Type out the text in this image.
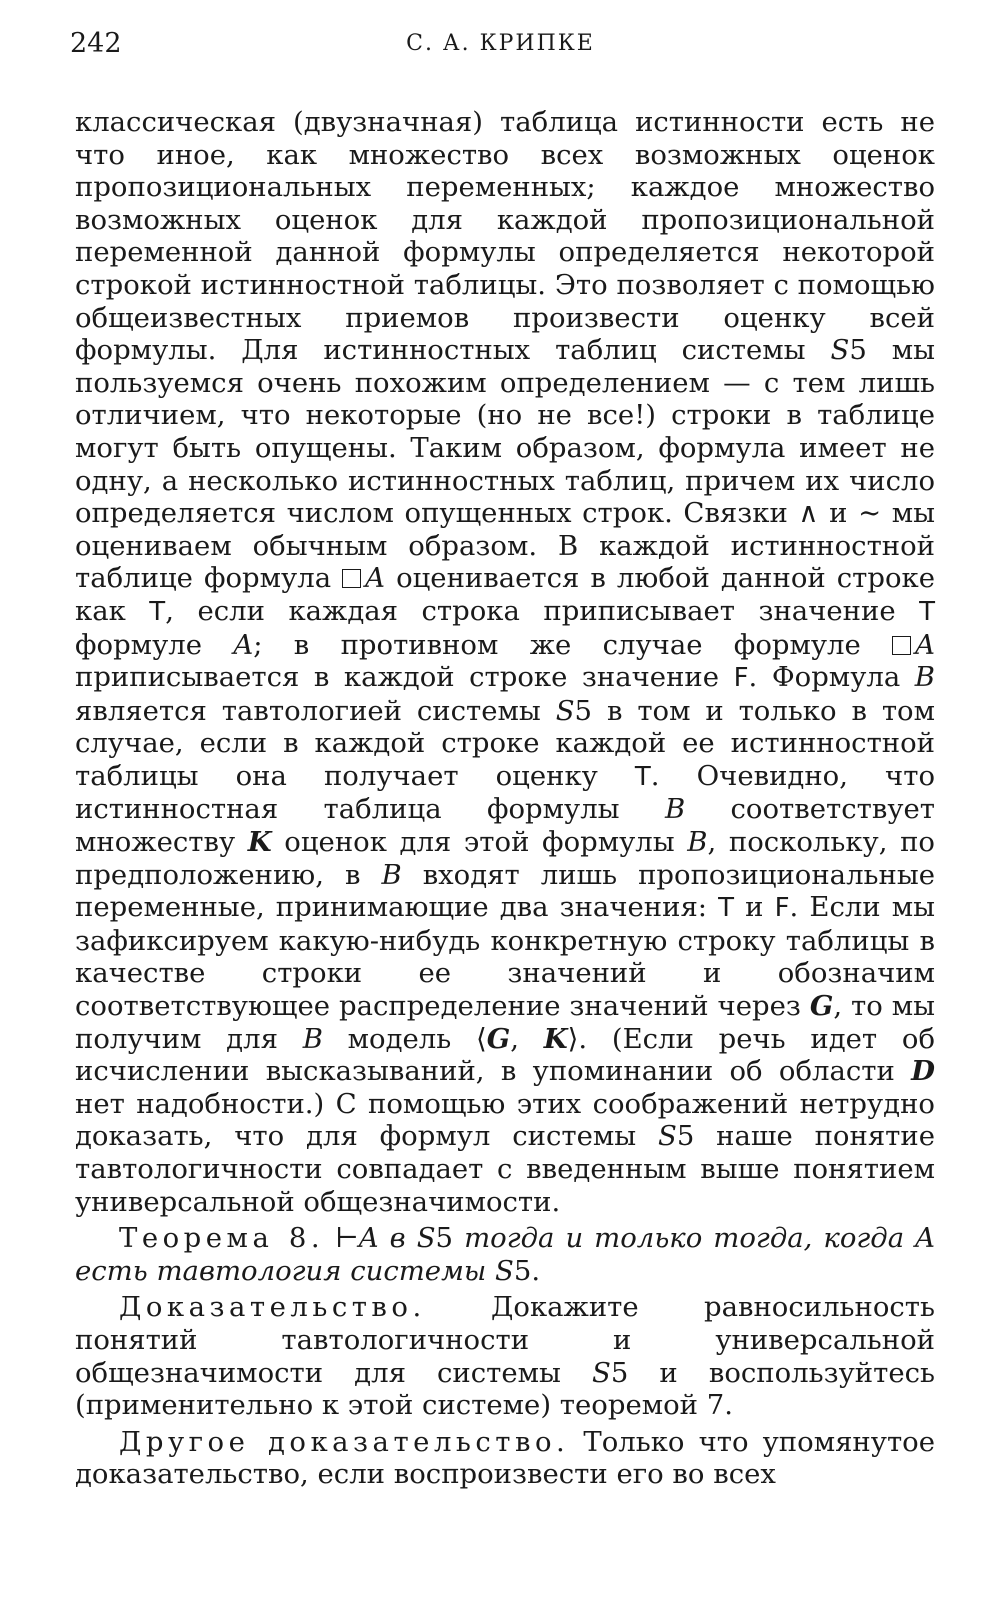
242	С. А. КРИПКЕ

классическая (двузначная) таблица истинности есть не что иное, как множество всех возможных оценок пропозициональных переменных; каждое множество возможных оценок для каждой пропозициональной переменной данной формулы определяется некоторой строкой истинностной таблицы. Это позволяет с помощью общеизвестных приемов произвести оценку всей формулы. Для истинностных таблиц системы S5 мы пользуемся очень похожим определением — с тем лишь отличием, что некоторые (но не все!) строки в таблице могут быть опущены. Таким образом, формула имеет не одну, а несколько истинностных таблиц, причем их число определяется числом опущенных строк. Связки ∧ и ∼ мы оцениваем обычным образом. В каждой истинностной таблице формула A оценивается в любой данной строке как Т, если каждая строка приписывает значение Т формуле A; в противном же случае формуле A приписывается в каждой строке значение F. Формула B является тавтологией системы S5 в том и только в том случае, если в каждой строке каждой ее истинностной таблицы она получает оценку Т. Очевидно, что истинностная таблица формулы B соответствует множеству K оценок для этой формулы B, поскольку, по предположению, в B входят лишь пропозициональные переменные, принимающие два значения: Т и F. Если мы зафиксируем какую-нибудь конкретную строку таблицы в качестве строки ее значений и обозначим соответствующее распределение значений через G, то мы получим для B модель ⟨G, K⟩. (Если речь идет об исчислении высказываний, в упоминании об области D нет надобности.) С помощью этих соображений нетрудно доказать, что для формул системы S5 наше понятие тавтологичности совпадает с введенным выше понятием универсальной общезначимости.

Теорема 8. ⊢A в S5 тогда и только тогда, когда A есть тавтология системы S5.

Доказательство. Докажите равносильность понятий тавтологичности и универсальной общезначимости для системы S5 и воспользуйтесь (применительно к этой системе) теоремой 7.

Другое доказательство. Только что упомянутое доказательство, если воспроизвести его во всех
